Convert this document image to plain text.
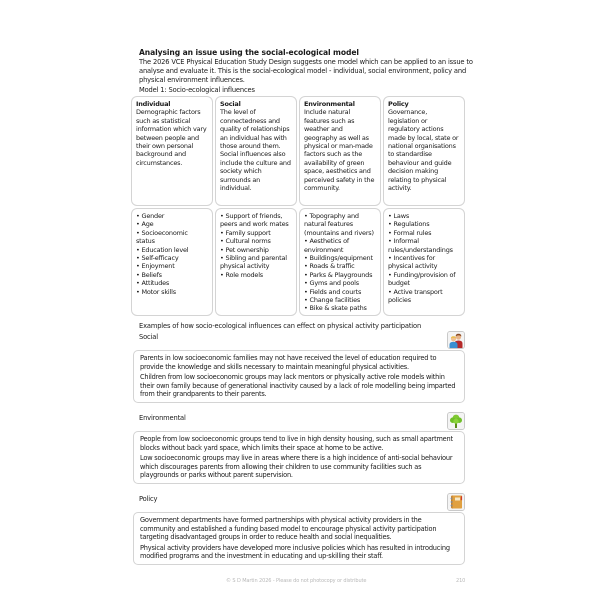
Analysing an issue using the social-ecological model
The 2026 VCE Physical Education Study Design suggests one model which can be applied to an issue to analyse and evaluate it. This is the social-ecological model - individual, social environment, policy and physical environment influences.
Model 1: Socio-ecological influences
Individual
Demographic factors such as statistical information which vary between people and their own personal background and circumstances.
Social
The level of connectedness and quality of relationships an individual has with those around them. Social influences also include the culture and society which surrounds an individual.
Environmental
Include natural features such as weather and geography as well as physical or man-made factors such as the availability of green space, aesthetics and perceived safety in the community.
Policy
Governance, legislation or regulatory actions made by local, state or national organisations to standardise behaviour and guide decision making relating to physical activity.
• Gender
• Age
• Socioeconomic status
• Education level
• Self-efficacy
• Enjoyment
• Beliefs
• Attitudes
• Motor skills
• Support of friends, peers and work mates
• Family support
• Cultural norms
• Pet ownership
• Sibling and parental physical activity
• Role models
• Topography and natural features (mountains and rivers)
• Aesthetics of environment
• Buildings/equipment
• Roads & traffic
• Parks & Playgrounds
• Gyms and pools
• Fields and courts
• Change facilities
• Bike & skate paths
• Laws
• Regulations
• Formal rules
• Informal rules/understandings
• Incentives for physical activity
• Funding/provision of budget
• Active transport policies
Examples of how socio-ecological influences can effect on physical activity participation
Social

Parents in low socioeconomic families may not have received the level of education required to provide the knowledge and skills necessary to maintain meaningful physical activities.

Children from low socioeconomic groups may lack mentors or physically active role models within their own family because of generational inactivity caused by a lack of role modelling being imparted from their grandparents to their parents.

Environmental

People from low socioeconomic groups tend to live in high density housing, such as small apartment blocks without back yard space, which limits their space at home to be active.

Low socioeconomic groups may live in areas where there is a high incidence of anti-social behaviour which discourages parents from allowing their children to use community facilities such as playgrounds or parks without parent supervision.

Policy

Government departments have formed partnerships with physical activity providers in the community and established a funding based model to encourage physical activity participation targeting disadvantaged groups in order to reduce health and social inequalities.

Physical activity providers have developed more inclusive policies which has resulted in introducing modified programs and the investment in educating and up-skilling their staff.

© S D Martin 2026 - Please do not photocopy or distribute	210
